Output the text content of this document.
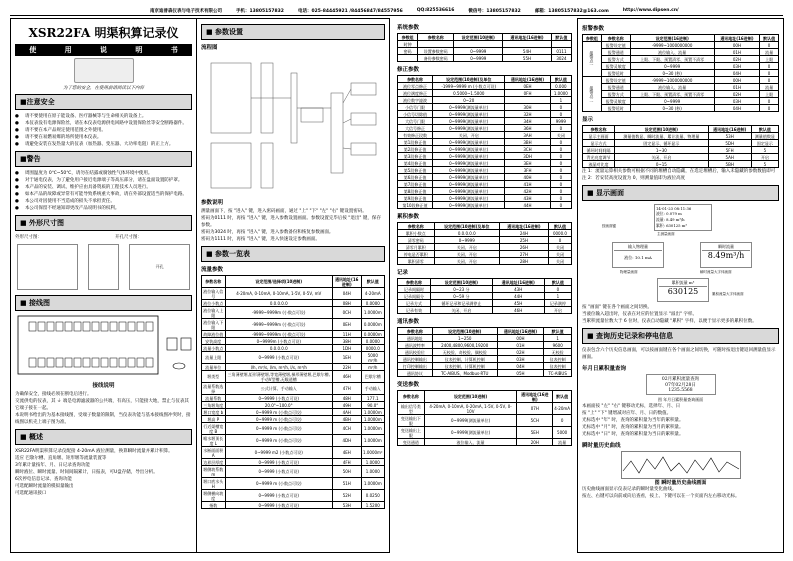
南京迪普森仪表与电子技术有限公司	手机：13805157832	电话：025-84445921 /84456847/84557956	QQ:825536616	微信号：13805157832	邮箱：13805157832@163.com	http://www.dipsen.cn/
XSR22FA 明渠积算记录仪
使	用	说	明	书
为了您的安全，在使用前请阅读以下内容
■注意安全
● 请不要使用在原子能设备、医疗器械等与生命相关的设备上。
● 本仪表没有电源保险丝，请在本仪表电源供电回路中设置保险丝等安全断路器件。
● 请不要在本产品规定使用范围之外使用。
● 请不要在易燃易爆的场所使用本仪表。
● 请避免安装在发热量大的仪表（加热器、变压器、大功率电阻）的正上方。
■警告
● 周围温度为 0℃~50℃，请勿在结露或腐蚀性气体环境中使用。
● 对于通电仪表，为了避免用户接近电源端子等高压部分，请在盘面设置防护罩。
● 本产品的安装、调试、维护应由具备资质的工程技术人员进行。
● 如本产品的故障或异常有可能导致系统重大事故，请在外部设置适当的保护电路。
● 本公司对因使用不当造成的损失不承担责任。
● 本公司保留不经通知即更改产品说明书的权利。
■ 外形尺寸图
外形尺寸图：	开孔尺寸图：
开孔
■ 接线图
接线说明

为确保安全，接线必须在断电后进行。

交流供电的仪表，其 ⏚ 端是电源滤波器的公共端，有高压，只能接大地，禁止与仪表其它端子接在一起。

本说明书给出的为基本接线图，受端子数量的限制，当仪表功能与基本接线图冲突时，接线图以机壳上端子图为准。

■ 概述

XSR22FA明渠积算记录仪配接 4-20mA 液位测量，换算瞬时流量并累计积算。

适应 巴歇尔槽、直角堰、矩形堰等流量装置等

3年累计量按年、月、日记录查询功能

瞬时液位、瞬时流量、时间间隔累计，日报表，可U盘存储，导出分析。

6次停电信息记录、查询功能

可选配瞬时流量的模拟量输出

可选配通讯接口

■ 参数设置
流程图
参数说明

测量画面下，按 "进入" 键，进入密码画面，通过 "上" "下" "左" "右" 键设置密码。

密码为0111 时，再按 "进入" 键，进入参数设置画面。参数设置完毕后按 "退出" 键，保存参数。

密码为3024 时，再按 "进入" 键，进入参数备份和恢复参数画面。

密码为1111 时，再按 "进入" 键，进入快速设定参数画面。

■ 参数一览表
流量参数
参数名称	设定范围/选择项(10进制)	通讯地址(16进制)	默认值
液位输入信号	4-20mA, 0-10mA, 0-10mA, 1-5V, 0-5V, mV	04H	4-20mA
液位小数点	0.0.0.0.0	08H	0.0000
液位输入上限	-9999~9999m (小数点可设)	0CH	1.0000m
液位输入下限	-9999~9999m (小数点可设)	0EH	0.0000m
故障液位值	-9999~9999m (小数点可设)	11H	0.0000m
安装高度	0~9999m (小数点可设)	38H	0.0000
流量小数点	0.0.0.0.0	1DH	0000.0
流量上限	0~9999 (小数点可设)	1EH	5000 m³/h
流量单位	l/h, m³/s, l/m, m³/h, l/s, m³/h	22H	m³/h
堰类型	三角薄壁堰,矩形薄壁堰,等宽薄壁堰,梯形薄壁堰,巴歇尔槽,手动V型槽,无喉道槽	46H	巴歇尔槽
流量系数选择	公式计算、手动输入	47H	手动输入
流量系数	0~9999 (小数点可设)	48H	177.1
三角堰角度	20.0°~100.0°	49H	90.0°
堰口宽度 b	0~9999 m (小数点可设)	4AH	1.0000m
堰高 P	0~9999 m (小数点可设)	4BH	1.0000m
行近渠槽宽度 B	0~9999 m (小数点可设)	4CH	1.0000m
喉水堰顶长度 L	0~9999 m (小数点可设)	4DH	1.0000m
水断面面积 A	0~9999 m2 (小数点可设)	4EH	1.0000m²
边界层厚度	0~9999 (小数点可设)	4FH	1.0000
堰侧坡系数 m	0~9999 (小数点可设)	50H	1.0000
堰口底水头 H	0~9999 m (小数点可设)	51H	1.0000m
堰侧横向坡度	0~9999 (小数点可设)	52H	0.0250
指数	0~9999 (小数点可设)	53H	1.5200
系统参数
参数组	参数名称	设定范围(10进制)	通讯地址(16进制)	默认值
时钟				
密码	设置参数密码	0~9999	54H	0111
	备份参数密码	0~9999	55H	3024
修正参数
参数名称	设定范围(10进制)及单位	通讯地址(16进制)	默认值
液位零点修正	-1999~9999 m (小数点可设)	0EH	0.000
液位满度修正	0.5000~1.5000	0FH	1.0000
液位数字滤波	0~20		1
小信号门限	0~9999(测流量单位)	30H	0
小信号切除值	0~9999(测流量单位)	32H	0
大信号门限	0~9999(测流量单位)	34H	9999
大信号修正	0~9999(测流量单位)	36H	0
有效修正段数	关闭、开启	3AH	关闭
第1段修正值	0~9999(测流量单位)	3BH	0
第2段修正值	0~9999(测流量单位)	3CH	0
第3段修正值	0~9999(测流量单位)	3DH	0
第4段修正值	0~9999(测流量单位)	3EH	0
第5段修正值	0~9999(测流量单位)	3FH	0
第6段修正值	0~9999(测流量单位)	40H	0
第7段修正值	0~9999(测流量单位)	41H	0
第8段修正值	0~9999(测流量单位)	42H	0
第9段修正值	0~9999(测流量单位)	43H	0
第10段修正值	0~9999(测流量单位)	44H	0
累积参数
参数名称	设定范围(10进制)及单位	通讯地址(16进制)	默认值
累积小数点	0.0.0.0.0	24H	0000.0
清零密码	0~9999	25H	0
清零月累积	关闭、开启	26H	关闭
停电是否累积	关闭、开启	27H	关闭
累积清零	关闭、开启	28H	关闭
记录
参数名称	设定范围(10进制)	通讯地址(16进制)	默认值
记录间隔时	0~23 分	43H	0
记录间隔分	0~59 分	44H	1
记录方式	循环记录和记录满停止	45H	记录满停
记录有效	关闭、开启	46H	开启
通讯参数
参数名称	设定范围(10进制)	通讯地址(16进制)	默认值
通讯地址	1~250	00H	1
通讯波特率	2400,4800,9600,19200	01H	9600
通讯校验位	无校验、奇校验、偶校验	02H	无校验
通讯控制输出	仪表控制、计算机控制	03H	仪表控制
打印控制输出	仪表控制、计算机控制	04H	仪表控制
通讯协议	TC-AIBUS、Modbus-RTU	05H	TC-AIBUS
变送参数
参数名称	设定范围(10进制)	通讯地址(16进制)	默认值
输出信号类型	4-20mA, 0-10mA, 0-20mA, 1-5V, 0-5V, 0-10V	07H	4-20mA
变送输出下限	0~9999(测流量单位)	5CH	0
变送输出上限	0~9999(测流量单位)	5EH	5000
变送通道	液位输入、流量	20H	流量
报警参数
参数组	参数名称	设定范围(16进制)	通讯地址(16进制)	默认值
报警点一	报警设定值	-9999~1000000000	00H	0
	报警通道	液位输入、流量	01H	流量
	报警方式	上限、下限、预置清零、预置不清零	02H	上限
	报警灵敏度	0~9999	03H	0
	报警延时	0~30 (秒)	04H	0
报警点二	报警设定值	-9999~1000000000	00H	0
	报警通道	液位输入、流量	01H	流量
	报警方式	上限、下限、预置清零、预置不清零	02H	上限
	报警灵敏度	0~9999	03H	0
	报警延时	0~30 (秒)	04H	0
显示
参数名称	设定范围(10进制)	通讯地址(16进制)	默认值
显示主画面	测量值数显、瞬时流量、累计流量、物理量	53H	测量值数显
显示方式	固定显示、循环显示	5DH	固定显示
循环时间间隔	1~30	5FH	5
背光亮度调节	关闭、开启	5AH	开启
液晶对比度	0~15	5BH	5

注 1：流量运算相关参数可根据不同的堰槽自动隐藏，在选定堰槽后，输入未隐藏的参数数值即可

注 2：若安装高度设置为 0，则测量值即为液位高度

■ 显示画面
14-01-23 08:11:36
液位: 0.079 m
流量: 8.49 m³/h
累积: 630125 m³
主测量画面
按画面键
输入物理量
液位: 10.1 mA
物理量画面
瞬时流量
8.49m³/h
瞬时流量大字体画面
累积流量 m³
630125	累积流量大字体画面

按 "画面" 键在各个画面之间切换。

当液位输入超出时，仪表在对应的位置显示 "溢出" 字样。

当累积流量位数大于 6 位时，仪表自动隐藏 "累积" 字样，以便于显示更多的累积位数。

■ 查询历史记录和停电信息

仪表包含六个历史信息画面，可以按画面键在各个画面之间切换，可随时按退出键返回测量值显示画面。

年月日累积量查询
02月累积流量查询
07年02月28日
1235.5568
图 年月日累积量查询画面

本画面按 "左" "右" 键移动光标，选择年、月、日

按 "上" "下" 键增减对应年、月、日的数值。

光标选中 "年" 时，查询的累积量为当年的累积量。

光标选中 "月" 时，查询的累积量为当月的累积量。

光标选中 "日" 时，查询的累积量为当日的累积量。

瞬时量历史曲线
图 瞬时量历史曲线画面

历史曲线画面显示仪表记录的瞬时量变化曲线。

按左、右键可以向前或向后查看，按上、下键可以在一个页面内左右移动光标。
